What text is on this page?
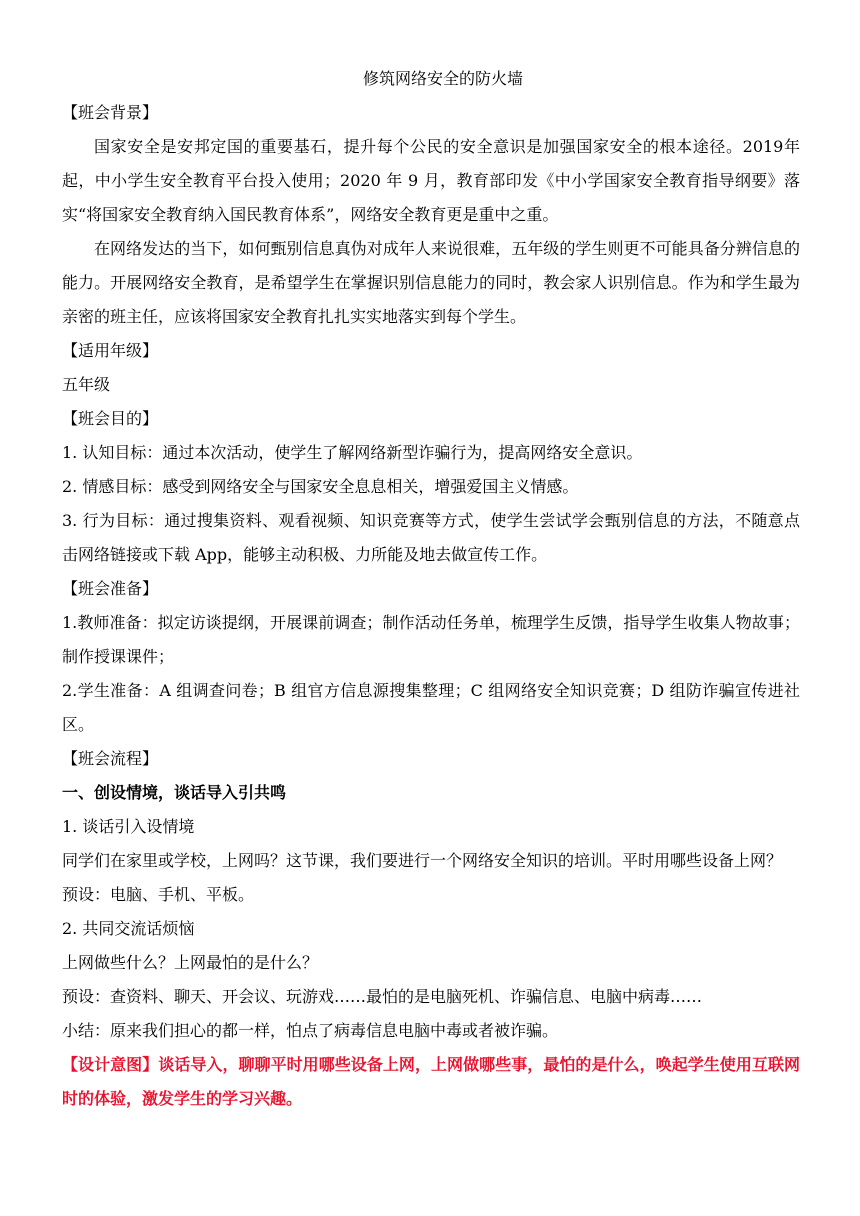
修筑网络安全的防火墙

【班会背景】

国家安全是安邦定国的重要基石，提升每个公民的安全意识是加强国家安全的根本途径。2019年起，中小学生安全教育平台投入使用；2020 年 9 月，教育部印发《中小学国家安全教育指导纲要》落实“将国家安全教育纳入国民教育体系”，网络安全教育更是重中之重。

在网络发达的当下，如何甄别信息真伪对成年人来说很难，五年级的学生则更不可能具备分辨信息的能力。开展网络安全教育，是希望学生在掌握识别信息能力的同时，教会家人识别信息。作为和学生最为亲密的班主任，应该将国家安全教育扎扎实实地落实到每个学生。

【适用年级】

五年级

【班会目的】

1. 认知目标：通过本次活动，使学生了解网络新型诈骗行为，提高网络安全意识。

2. 情感目标：感受到网络安全与国家安全息息相关，增强爱国主义情感。

3. 行为目标：通过搜集资料、观看视频、知识竞赛等方式，使学生尝试学会甄别信息的方法，不随意点击网络链接或下载 App，能够主动积极、力所能及地去做宣传工作。

【班会准备】

1.教师准备：拟定访谈提纲，开展课前调查；制作活动任务单，梳理学生反馈，指导学生收集人物故事；制作授课课件；

2.学生准备：A 组调查问卷；B 组官方信息源搜集整理；C 组网络安全知识竞赛；D 组防诈骗宣传进社区。

【班会流程】

一、创设情境，谈话导入引共鸣

1. 谈话引入设情境

同学们在家里或学校，上网吗？这节课，我们要进行一个网络安全知识的培训。平时用哪些设备上网？

预设：电脑、手机、平板。

2. 共同交流话烦恼

上网做些什么？上网最怕的是什么？

预设：查资料、聊天、开会议、玩游戏……最怕的是电脑死机、诈骗信息、电脑中病毒……

小结：原来我们担心的都一样，怕点了病毒信息电脑中毒或者被诈骗。

【设计意图】谈话导入，聊聊平时用哪些设备上网，上网做哪些事，最怕的是什么，唤起学生使用互联网时的体验，激发学生的学习兴趣。
